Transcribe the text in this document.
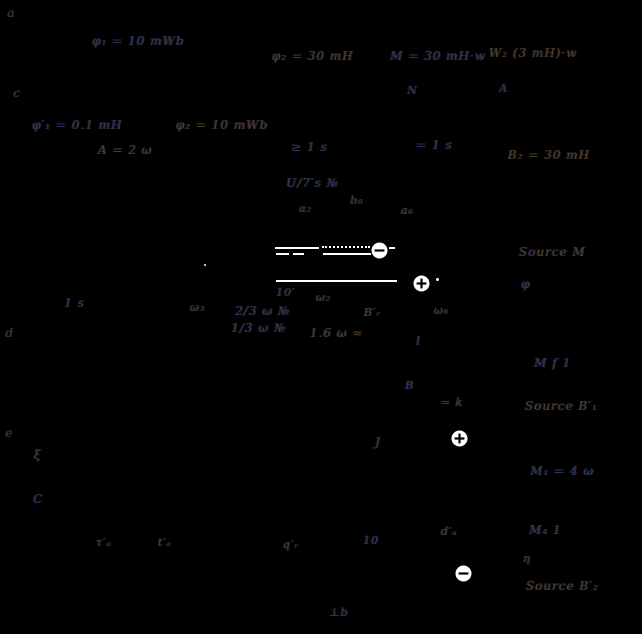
a
c
d
e
φ₁ = 10 mWb
φ₂ = 30 mH	M = 30 mH·w W₂ (3 mH)·w
N	A
φ′₁ = 0.1 mH
A = 2 ω
φ₂ = 10 mWb
≥ 1 s	= 1 s
B₂ = 30 mH
U/7′s №
a₂
b₀
a₆
10′ ω₂
Source M
φ
1 s	ω₃ 2/3 ω №	B′ᵣ	ω₆
1/3 ω № 1.6 ω ≈
l
B
= k
M f 1
Source B′₁
J
M₁ = 4 ω
d′ₐ	M₄ 1
η
Source B′₂
τ′ₐ	t′ₐ	q′ᵣ	10
⊥b
ξ
C
